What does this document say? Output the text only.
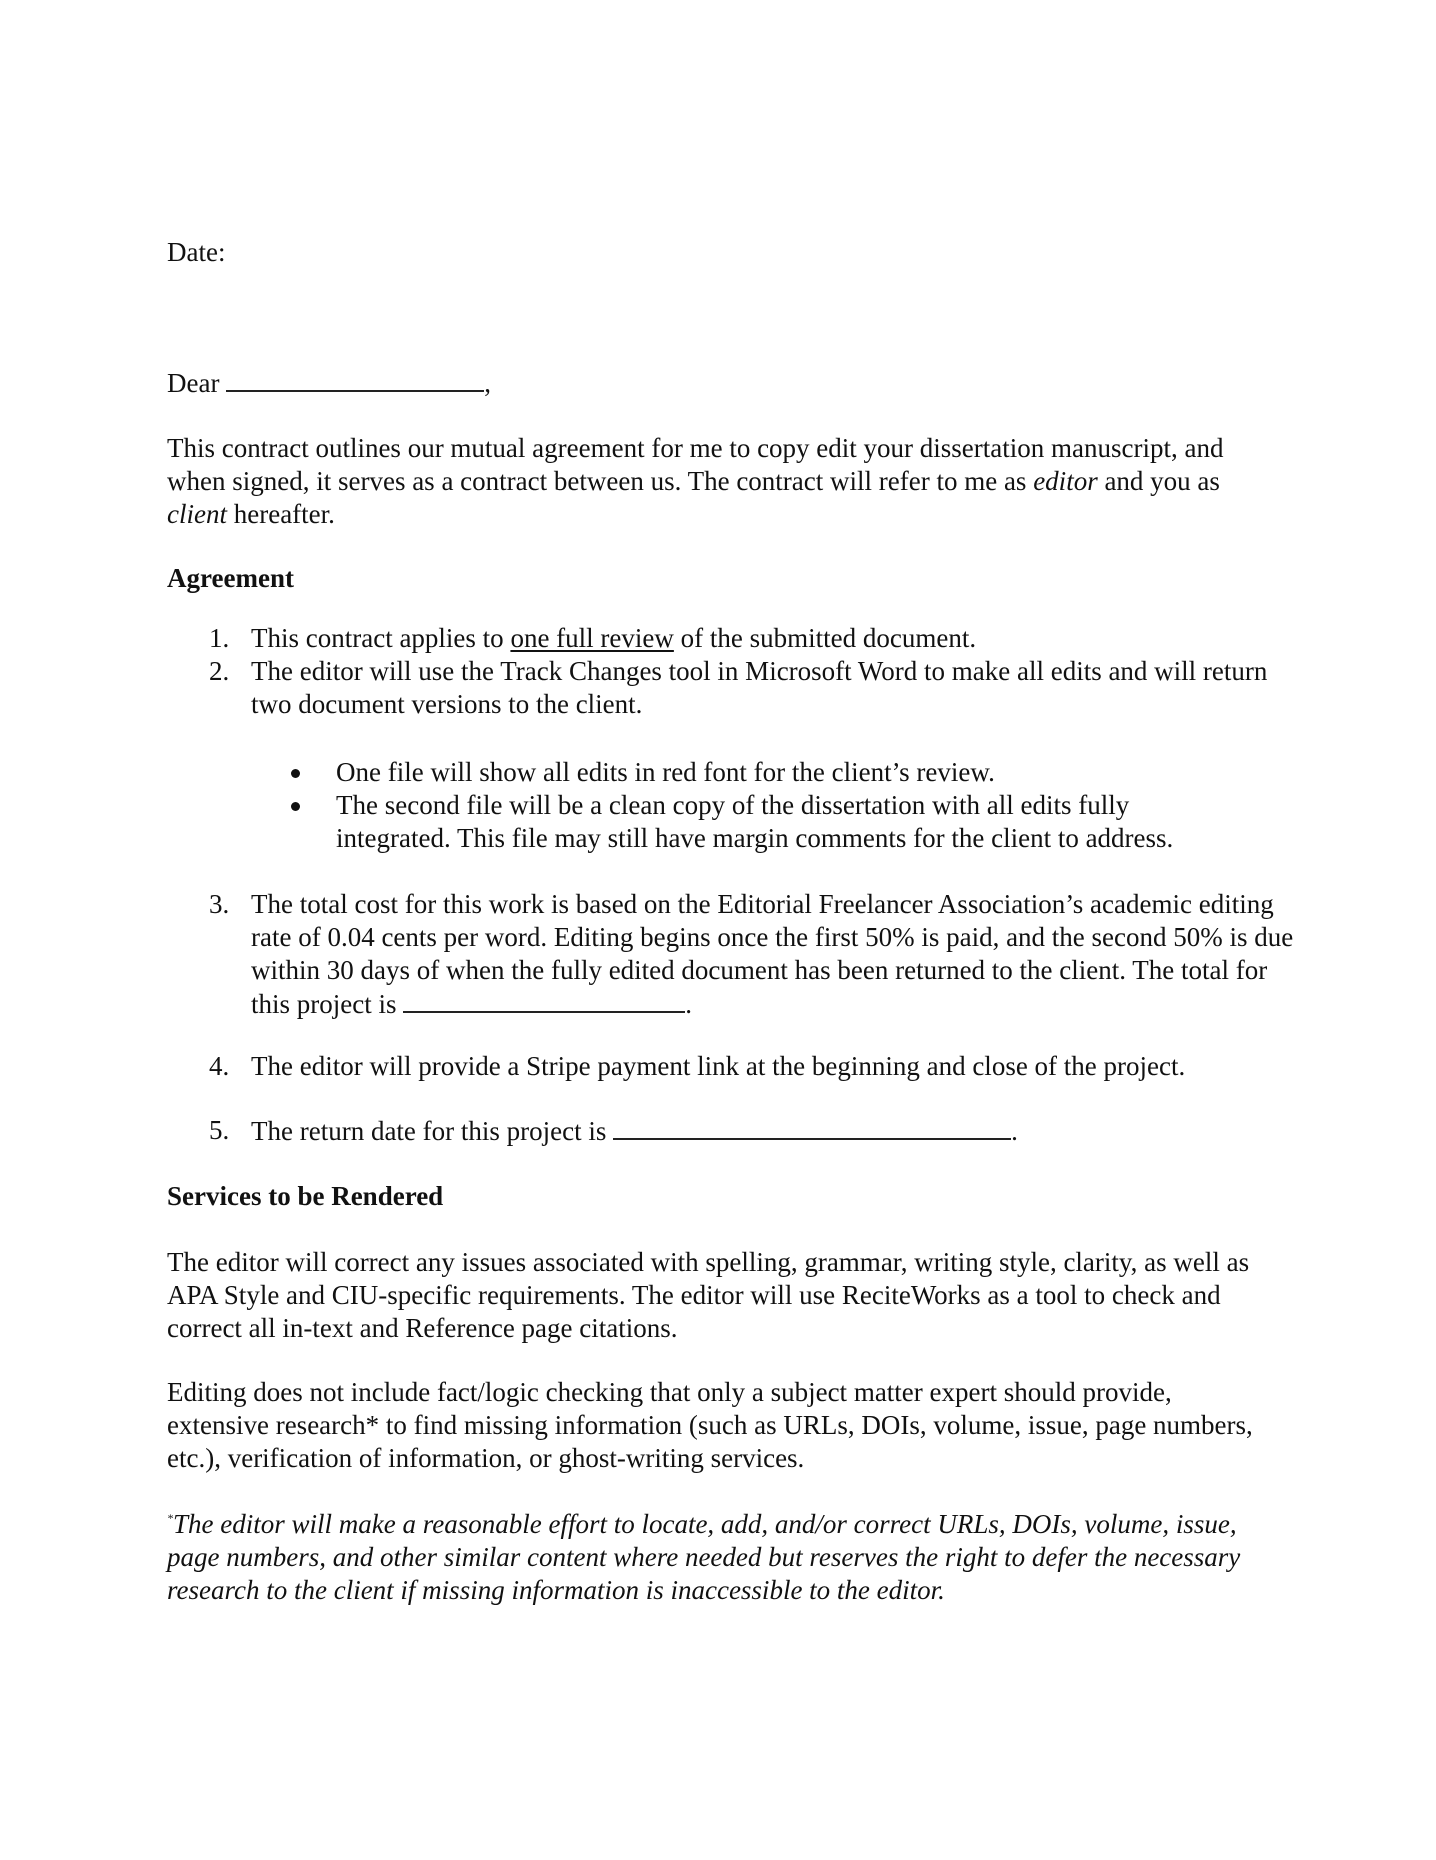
Date:
Dear	,

This contract outlines our mutual agreement for me to copy edit your dissertation manuscript, and when signed, it serves as a contract between us. The contract will refer to me as editor and you as client hereafter.

Agreement
1. This contract applies to one full review of the submitted document.
2. The editor will use the Track Changes tool in Microsoft Word to make all edits and will return two document versions to the client.
One file will show all edits in red font for the client’s review.
The second file will be a clean copy of the dissertation with all edits fully integrated. This file may still have margin comments for the client to address.
3. The total cost for this work is based on the Editorial Freelancer Association’s academic editing rate of 0.04 cents per word. Editing begins once the first 50% is paid, and the second 50% is due within 30 days of when the fully edited document has been returned to the client. The total for this project is	.
4. The editor will provide a Stripe payment link at the beginning and close of the project.
5. The return date for this project is	.
Services to be Rendered

The editor will correct any issues associated with spelling, grammar, writing style, clarity, as well as APA Style and CIU-specific requirements. The editor will use ReciteWorks as a tool to check and correct all in-text and Reference page citations.

Editing does not include fact/logic checking that only a subject matter expert should provide, extensive research* to find missing information (such as URLs, DOIs, volume, issue, page numbers, etc.), verification of information, or ghost-writing services.

*The editor will make a reasonable effort to locate, add, and/or correct URLs, DOIs, volume, issue, page numbers, and other similar content where needed but reserves the right to defer the necessary research to the client if missing information is inaccessible to the editor.
